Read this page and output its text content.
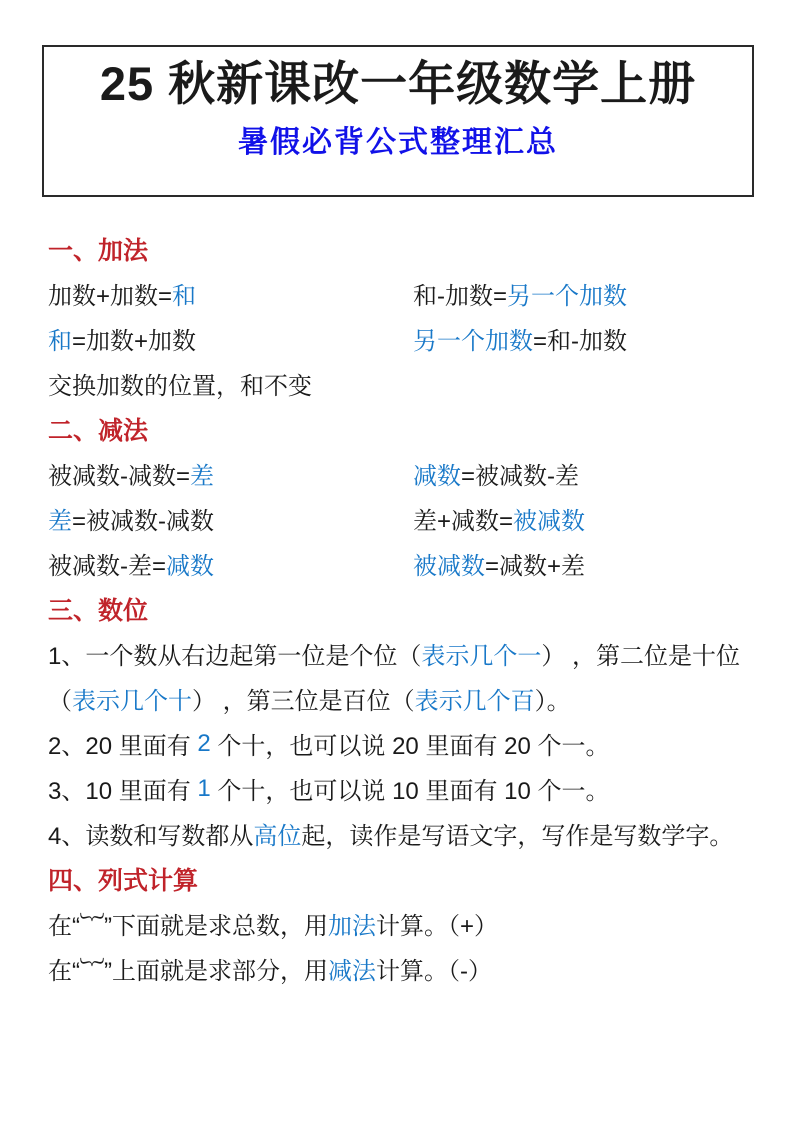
25 秋新课改一年级数学上册
暑假必背公式整理汇总
一、加法
加数+加数= 和	和-加数= 另一个加数
和 =加数+加数	另一个加数 =和-加数
交换加数的位置，和不变
二、减法
被减数-减数= 差	减数 =被减数-差
差 =被减数-减数	差+减数= 被减数
被减数-差= 减数	被减数 =减数+差
三、数位
1、一个数从右边起第一位是个位（ 表示几个一 ） ，第二位是十位
（ 表示几个十 ） ，第三位是百位（ 表示几个百 ）。
2、20 里面有 2 个十，也可以说 20 里面有 20 个一。
3、10 里面有 1 个十，也可以说 10 里面有 10 个一。
4、读数和写数都从 高位 起，读作是写语文字，写作是写数学字。
四、列式计算
在“︸”下面就是求总数，用 加法 计算。（+）
在“︸”上面就是求部分，用 减法 计算。（-）
